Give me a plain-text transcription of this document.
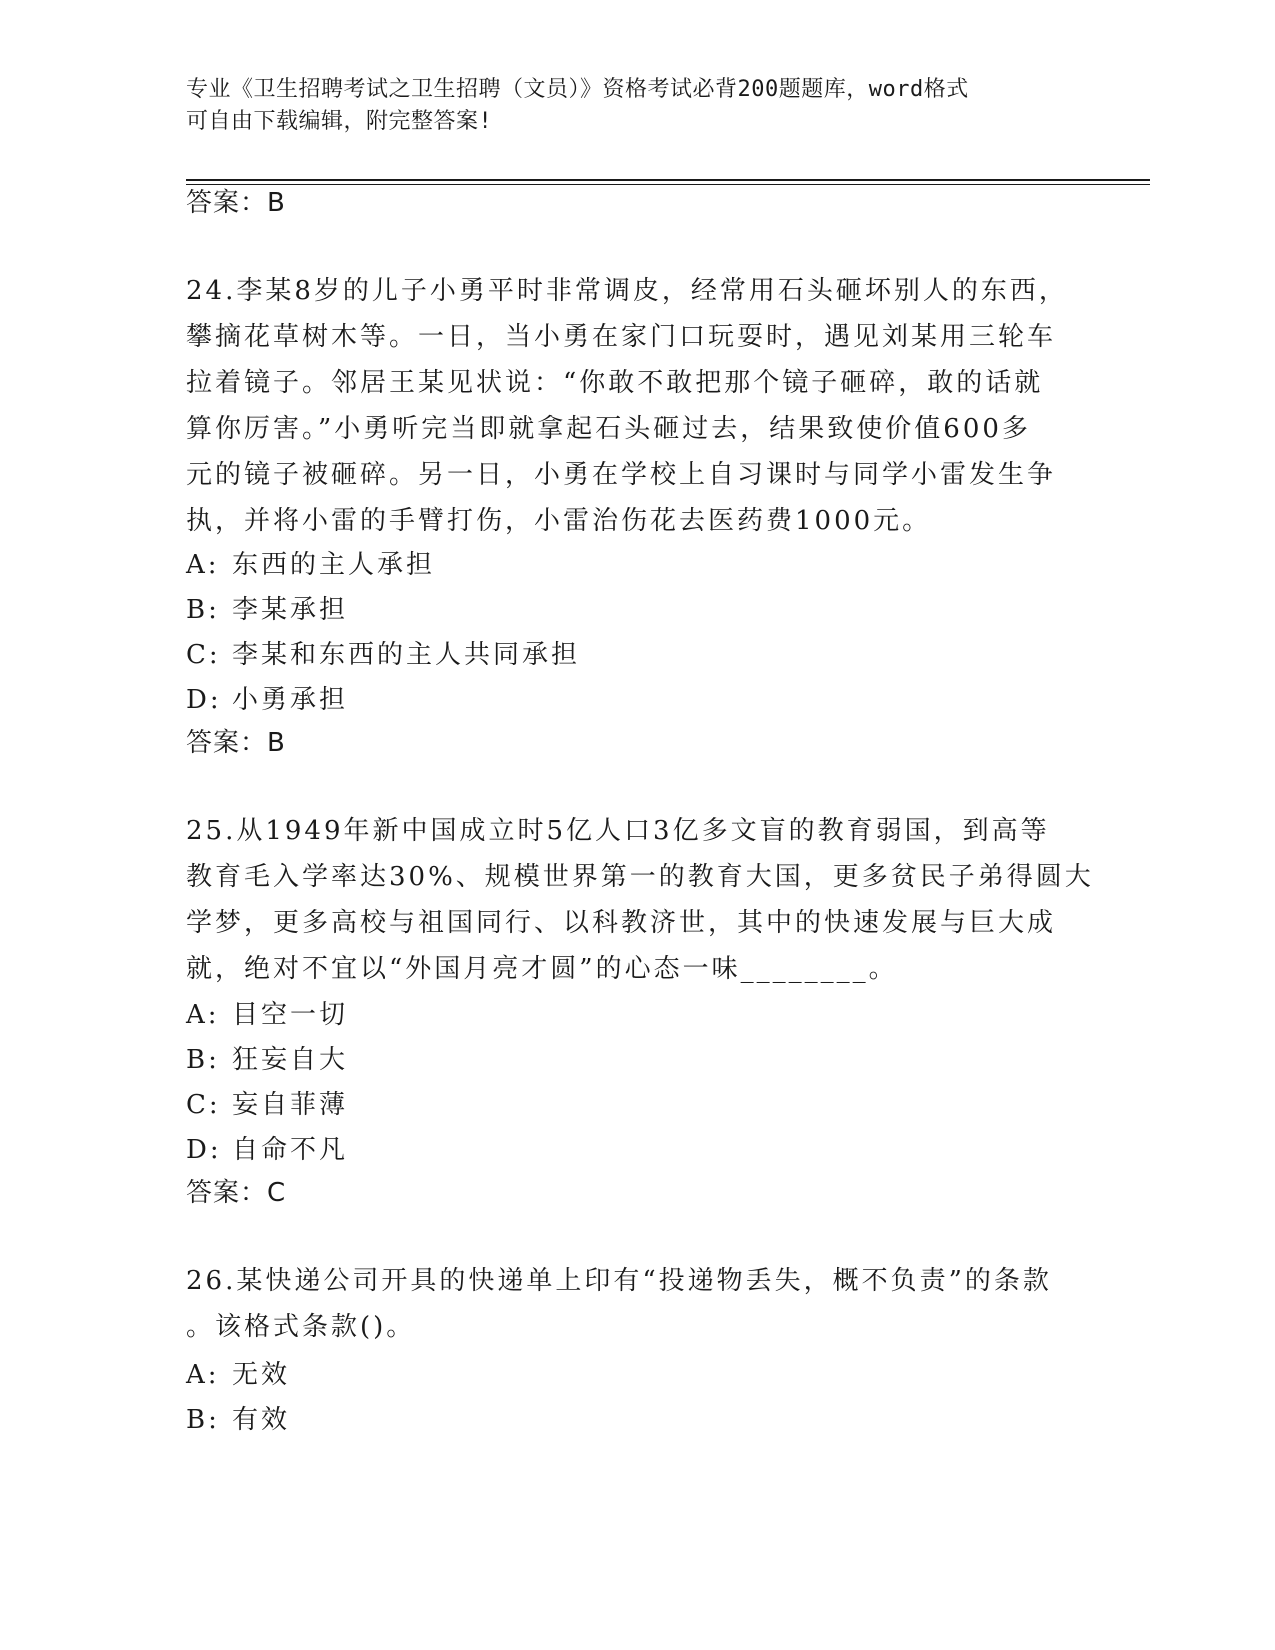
专业《卫生招聘考试之卫生招聘（文员）》资格考试必背200题题库，word格式
可自由下载编辑，附完整答案!
答案：B
24.李某8岁的儿子小勇平时非常调皮，经常用石头砸坏别人的东西，
攀摘花草树木等。一日，当小勇在家门口玩耍时，遇见刘某用三轮车
拉着镜子。邻居王某见状说：“你敢不敢把那个镜子砸碎，敢的话就
算你厉害。”小勇听完当即就拿起石头砸过去，结果致使价值600多
元的镜子被砸碎。另一日，小勇在学校上自习课时与同学小雷发生争
执，并将小雷的手臂打伤，小雷治伤花去医药费1000元。
A: 东西的主人承担
B: 李某承担
C: 李某和东西的主人共同承担
D: 小勇承担
答案：B
25.从1949年新中国成立时5亿人口3亿多文盲的教育弱国，到高等
教育毛入学率达30%、规模世界第一的教育大国，更多贫民子弟得圆大
学梦，更多高校与祖国同行、以科教济世，其中的快速发展与巨大成
就，绝对不宜以“外国月亮才圆”的心态一味________。
A: 目空一切
B: 狂妄自大
C: 妄自菲薄
D: 自命不凡
答案：C
26.某快递公司开具的快递单上印有“投递物丢失，概不负责”的条款
。该格式条款()。
A: 无效
B: 有效
